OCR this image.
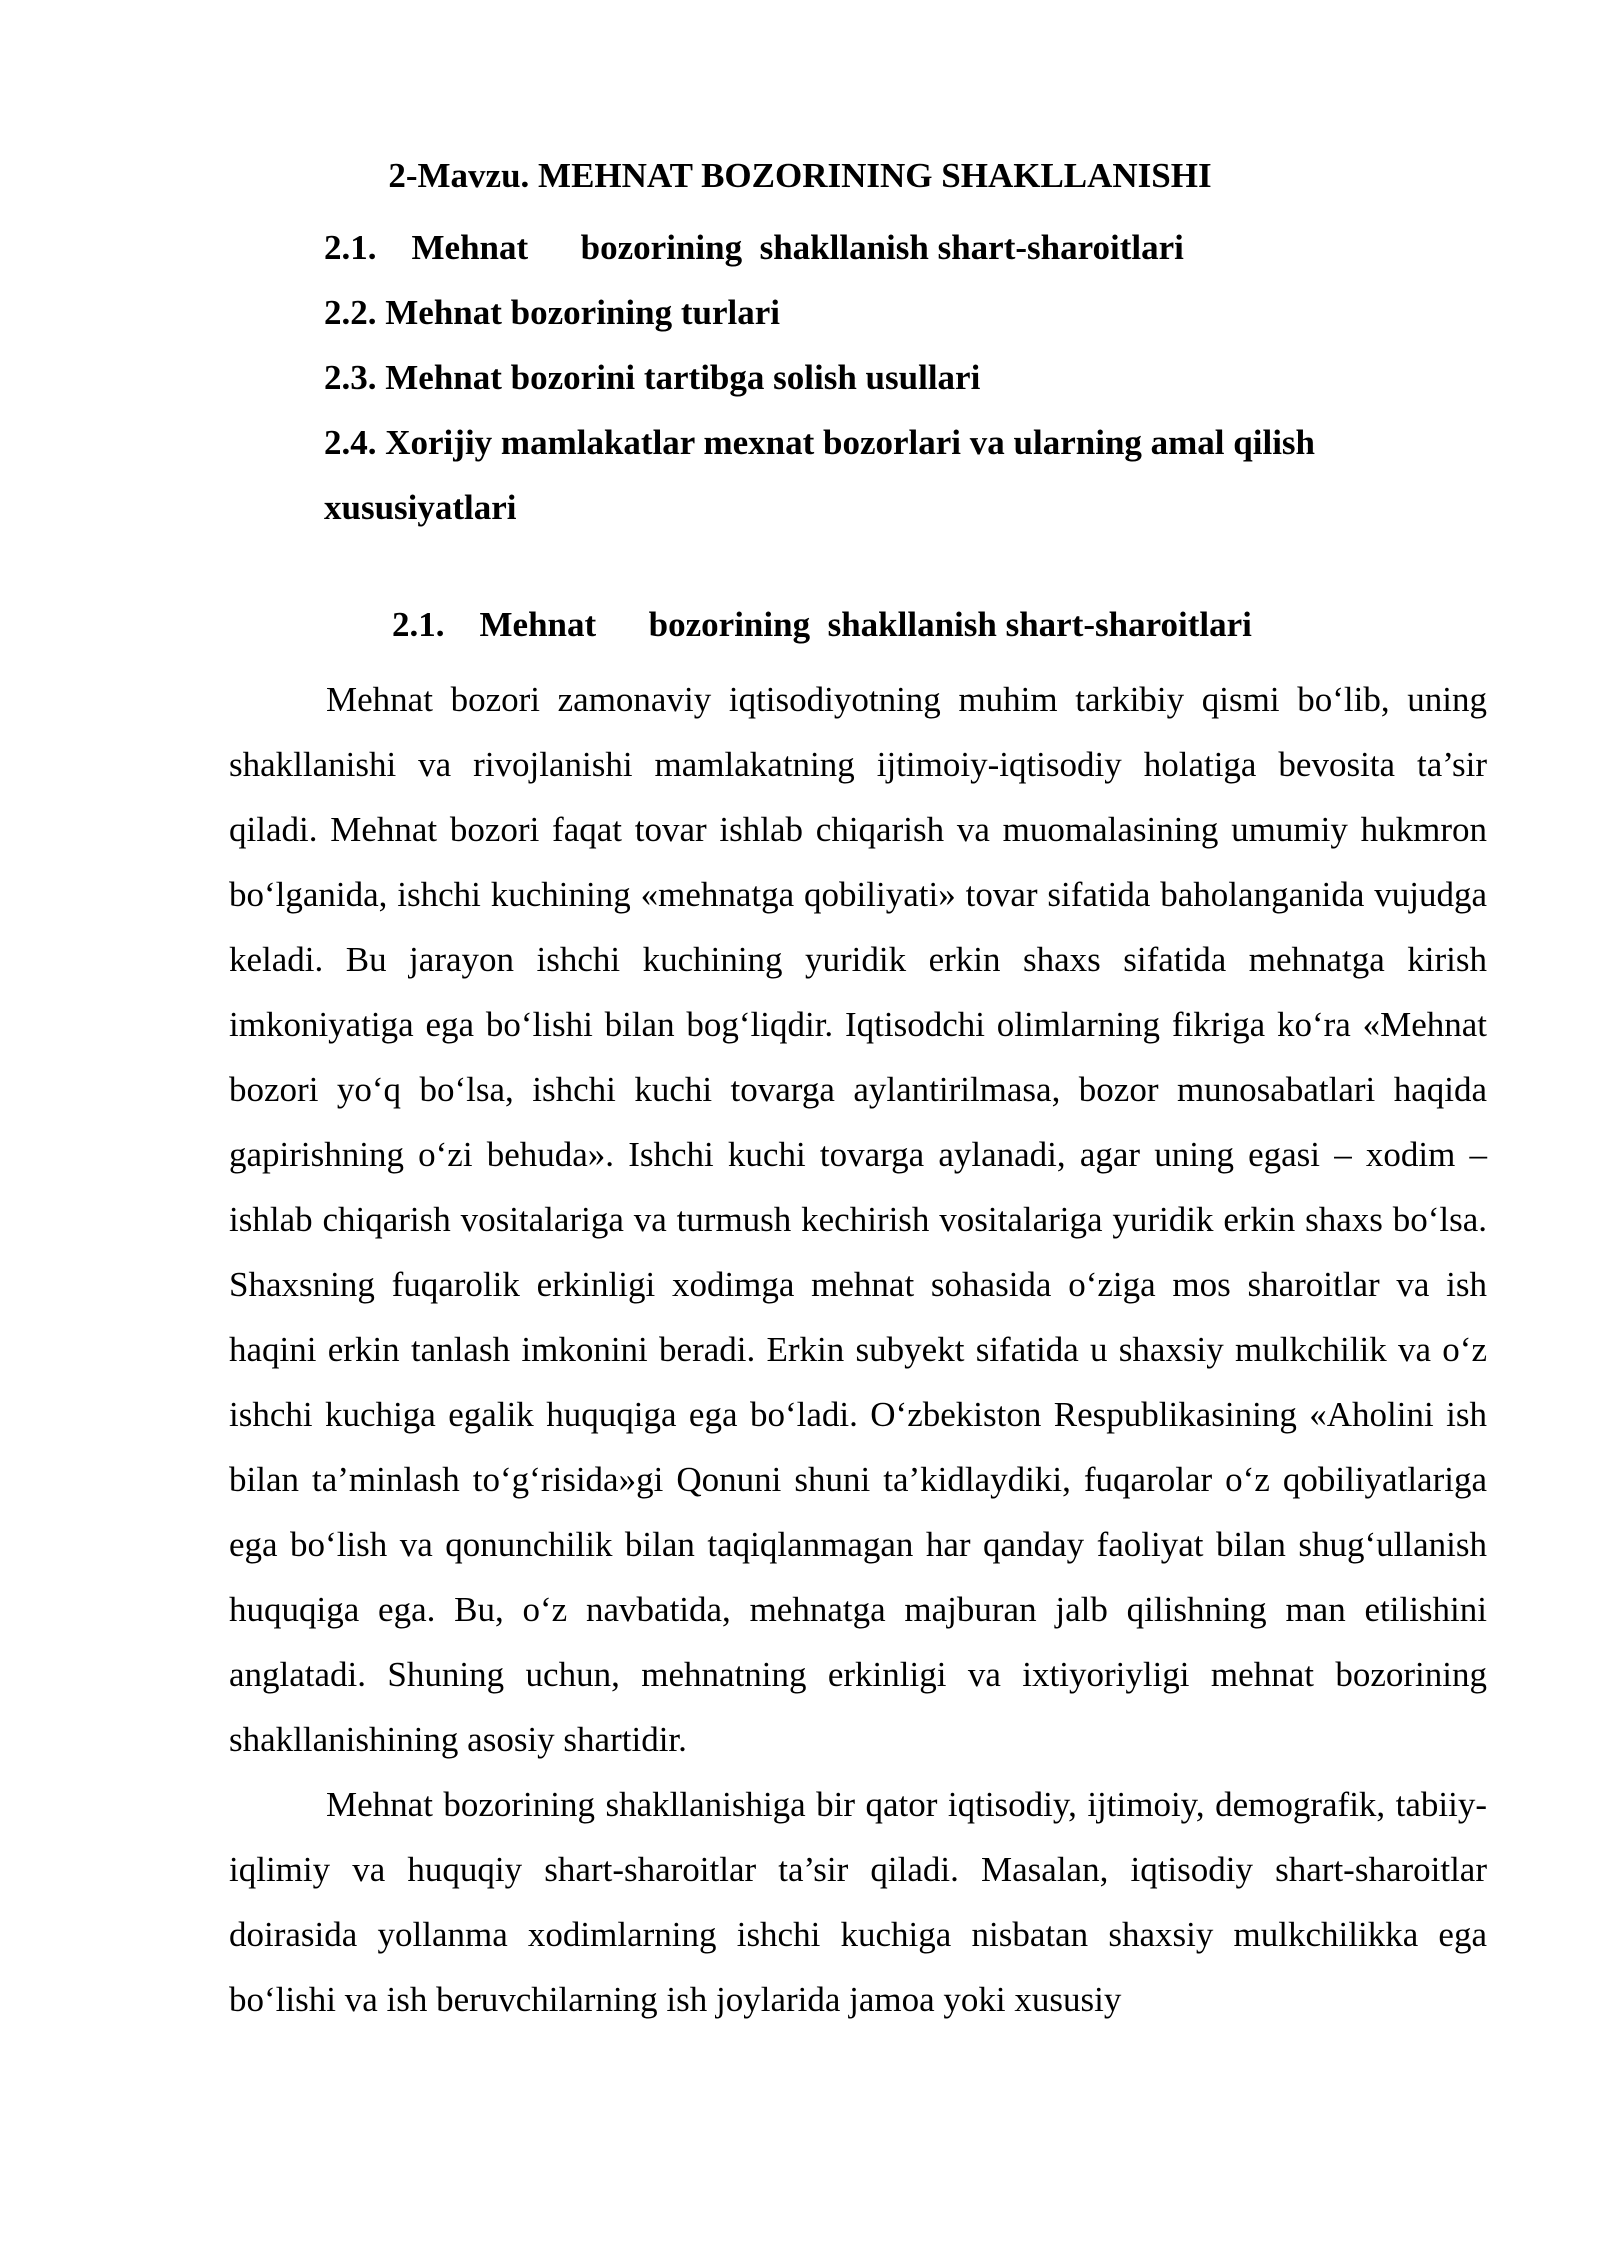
2-Mavzu. MEHNAT BOZORINING SHAKLLANISHI
2.1.    Mehnat      bozorining  shakllanish shart-sharoitlari
2.2. Mehnat bozorining turlari
2.3. Mehnat bozorini tartibga solish usullari
2.4. Xorijiy mamlakatlar mexnat bozorlari va ularning amal qilish xususiyatlari
2.1.    Mehnat      bozorining  shakllanish shart-sharoitlari

Mehnat bozori zamonaviy iqtisodiyotning muhim tarkibiy qismi bo‘lib, uning shakllanishi va rivojlanishi mamlakatning ijtimoiy-iqtisodiy holatiga bevosita ta’sir qiladi. Mehnat bozori faqat tovar ishlab chiqarish va muomalasining umumiy hukmron bo‘lganida, ishchi kuchining «mehnatga qobiliyati» tovar sifatida baholanganida vujudga keladi. Bu jarayon ishchi kuchining yuridik erkin shaxs sifatida mehnatga kirish imkoniyatiga ega bo‘lishi bilan bog‘liqdir. Iqtisodchi olimlarning fikriga ko‘ra «Mehnat bozori yo‘q bo‘lsa, ishchi kuchi tovarga aylantirilmasa, bozor munosabatlari haqida gapirishning o‘zi behuda». Ishchi kuchi tovarga aylanadi, agar uning egasi – xodim – ishlab chiqarish vositalariga va turmush kechirish vositalariga yuridik erkin shaxs bo‘lsa. Shaxsning fuqarolik erkinligi xodimga mehnat sohasida o‘ziga mos sharoitlar va ish haqini erkin tanlash imkonini beradi. Erkin subyekt sifatida u shaxsiy mulkchilik va o‘z ishchi kuchiga egalik huquqiga ega bo‘ladi. O‘zbekiston Respublikasining «Aholini ish bilan ta’minlash to‘g‘risida»gi Qonuni shuni ta’kidlaydiki, fuqarolar o‘z qobiliyatlariga ega bo‘lish va qonunchilik bilan taqiqlanmagan har qanday faoliyat bilan shug‘ullanish huquqiga ega. Bu, o‘z navbatida, mehnatga majburan jalb qilishning man etilishini anglatadi. Shuning uchun, mehnatning erkinligi va ixtiyoriyligi mehnat bozorining shakllanishining asosiy shartidir.

Mehnat bozorining shakllanishiga bir qator iqtisodiy, ijtimoiy, demografik, tabiiy-iqlimiy va huquqiy shart-sharoitlar ta’sir qiladi. Masalan, iqtisodiy shart-sharoitlar doirasida yollanma xodimlarning ishchi kuchiga nisbatan shaxsiy mulkchilikka ega bo‘lishi va ish beruvchilarning ish joylarida jamoa yoki xususiy
